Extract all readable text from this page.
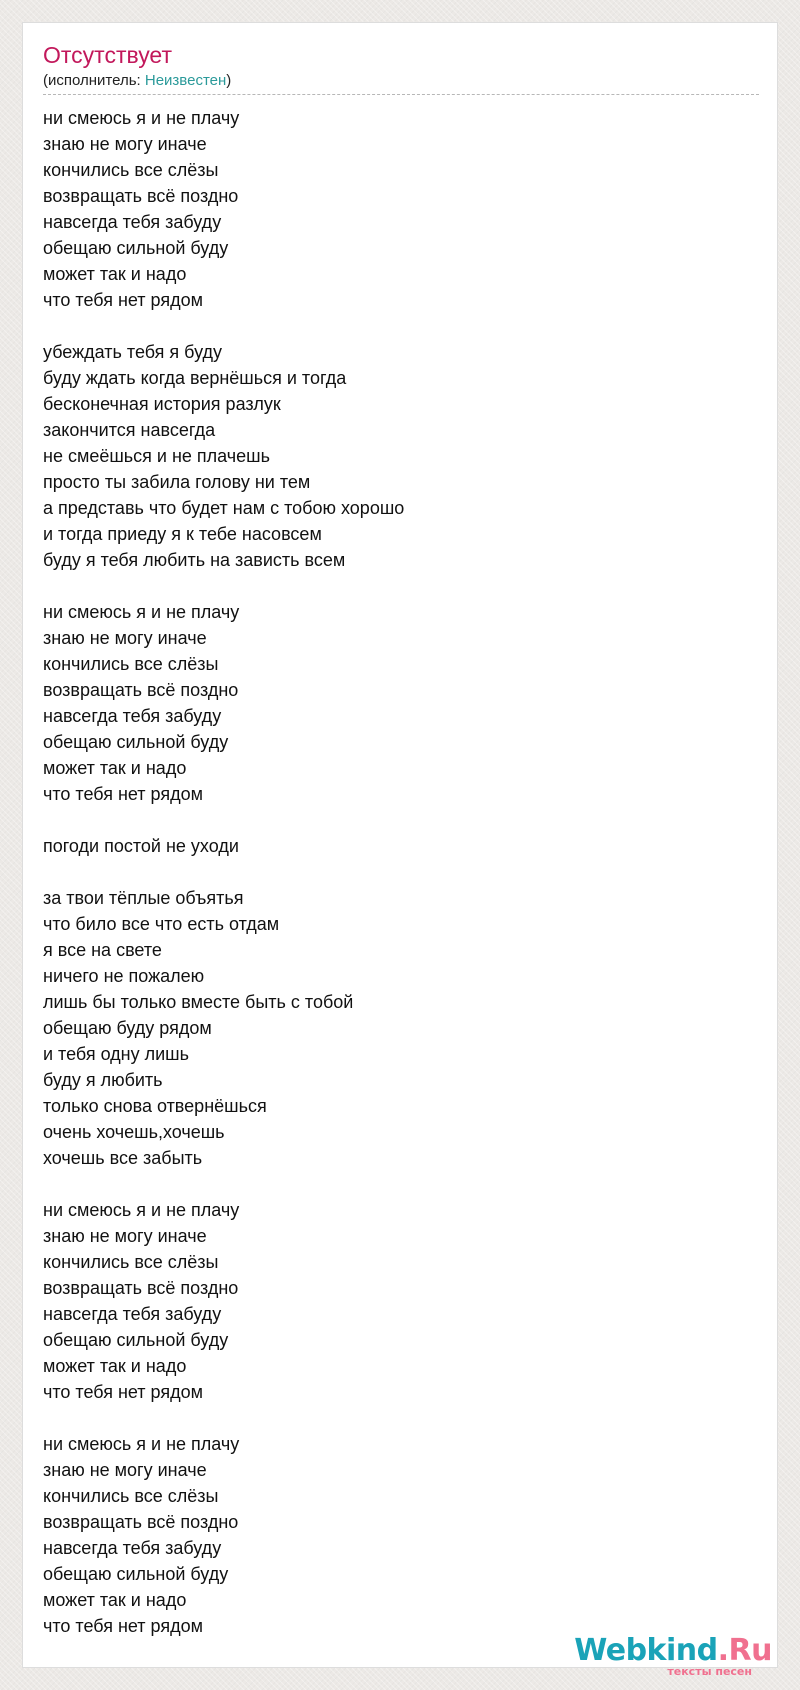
Отсутствует
(исполнитель: Неизвестен)
ни смеюсь я и не плачу
знаю не могу иначе
кончились все слёзы
возвращать всё поздно
навсегда тебя забуду
обещаю сильной буду
может так и надо
что тебя нет рядом
убеждать тебя я буду
буду ждать когда вернёшься и тогда
бесконечная история разлук
закончится навсегда
не смеёшься и не плачешь
просто ты забила голову ни тем
а представь что будет нам с тобою хорошо
и тогда приеду я к тебе насовсем
буду я тебя любить на зависть всем
ни смеюсь я и не плачу
знаю не могу иначе
кончились все слёзы
возвращать всё поздно
навсегда тебя забуду
обещаю сильной буду
может так и надо
что тебя нет рядом
погоди постой не уходи
за твои тёплые объятья
что било все что есть отдам
я все на свете
ничего не пожалею
лишь бы только вместе быть с тобой
обещаю буду рядом
и тебя одну лишь
буду я любить
только снова отвернёшься
очень хочешь,хочешь
хочешь все забыть
ни смеюсь я и не плачу
знаю не могу иначе
кончились все слёзы
возвращать всё поздно
навсегда тебя забуду
обещаю сильной буду
может так и надо
что тебя нет рядом
ни смеюсь я и не плачу
знаю не могу иначе
кончились все слёзы
возвращать всё поздно
навсегда тебя забуду
обещаю сильной буду
может так и надо
что тебя нет рядом
Webkind.Ru
тексты песен
